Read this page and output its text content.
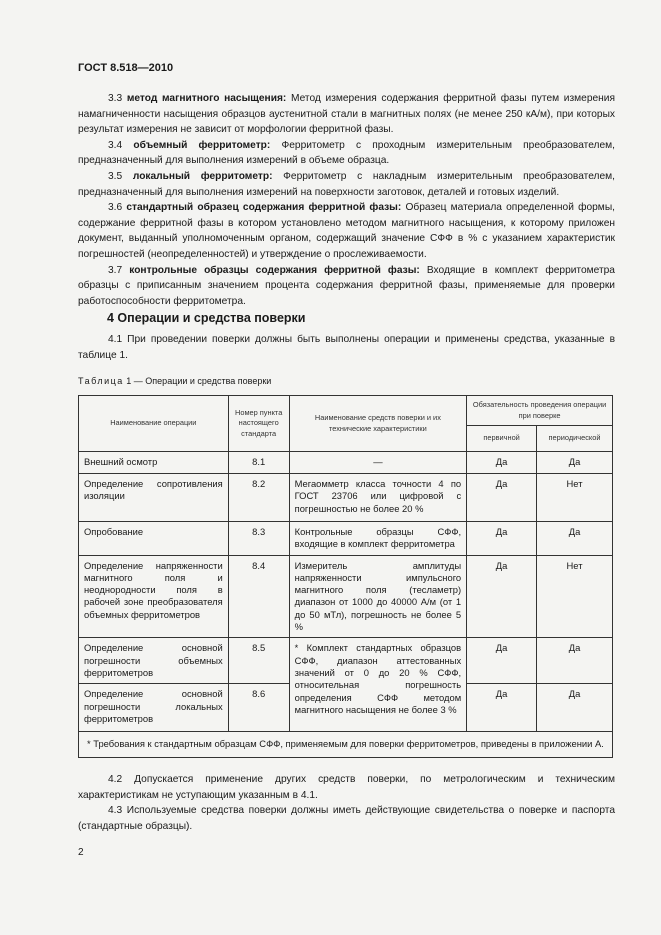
ГОСТ 8.518—2010

3.3 метод магнитного насыщения: Метод измерения содержания ферритной фазы путем измерения намагниченности насыщения образцов аустенитной стали в магнитных полях (не менее 250 кА/м), при которых результат измерения не зависит от морфологии ферритной фазы.

3.4 объемный ферритометр: Ферритометр с проходным измерительным преобразователем, предназначенный для выполнения измерений в объеме образца.

3.5 локальный ферритометр: Ферритометр с накладным измерительным преобразователем, предназначенный для выполнения измерений на поверхности заготовок, деталей и готовых изделий.

3.6 стандартный образец содержания ферритной фазы: Образец материала определенной формы, содержание ферритной фазы в котором установлено методом магнитного насыщения, к которому приложен документ, выданный уполномоченным органом, содержащий значение СФФ в % с указанием характеристик погрешностей (неопределенностей) и утверждение о прослеживаемости.

3.7 контрольные образцы содержания ферритной фазы: Входящие в комплект ферритометра образцы с приписанным значением процента содержания ферритной фазы, применяемые для проверки работоспособности ферритометра.

4 Операции и средства поверки

4.1 При проведении поверки должны быть выполнены операции и применены средства, указанные в таблице 1.

Таблица 1 — Операции и средства поверки
Наименование операции	Номер пункта настоящего стандарта	Наименование средств поверки и их технические характеристики	Обязательность проведения операции при поверке	
			первичной	периодической
Внешний осмотр	8.1	—	Да	Да
Определение сопротивления изоляции	8.2	Мегаомметр класса точности 4 по ГОСТ 23706 или цифровой с погрешностью не более 20 %	Да	Нет
Опробование	8.3	Контрольные образцы СФФ, входящие в комплект ферритометра	Да	Да
Определение напряженности магнитного поля и неоднородности поля в рабочей зоне преобразователя объемных ферритометров	8.4	Измеритель амплитуды напряженности импульсного магнитного поля (тесламетр) диапазон от 1000 до 40000 А/м (от 1 до 50 мТл), погрешность не более 5 %	Да	Нет
Определение основной погрешности объемных ферритометров	8.5	* Комплект стандартных образцов СФФ, диапазон аттестованных значений от 0 до 20 % СФФ, относительная погрешность определения СФФ методом магнитного насыщения не более 3 %	Да	Да
Определение основной погрешности локальных ферритометров	8.6		Да	Да
* Требования к стандартным образцам СФФ, применяемым для поверки ферритометров, приведены в приложении А.				

4.2 Допускается применение других средств поверки, по метрологическим и техническим характеристикам не уступающим указанным в 4.1.

4.3 Используемые средства поверки должны иметь действующие свидетельства о поверке и паспорта (стандартные образцы).

2
